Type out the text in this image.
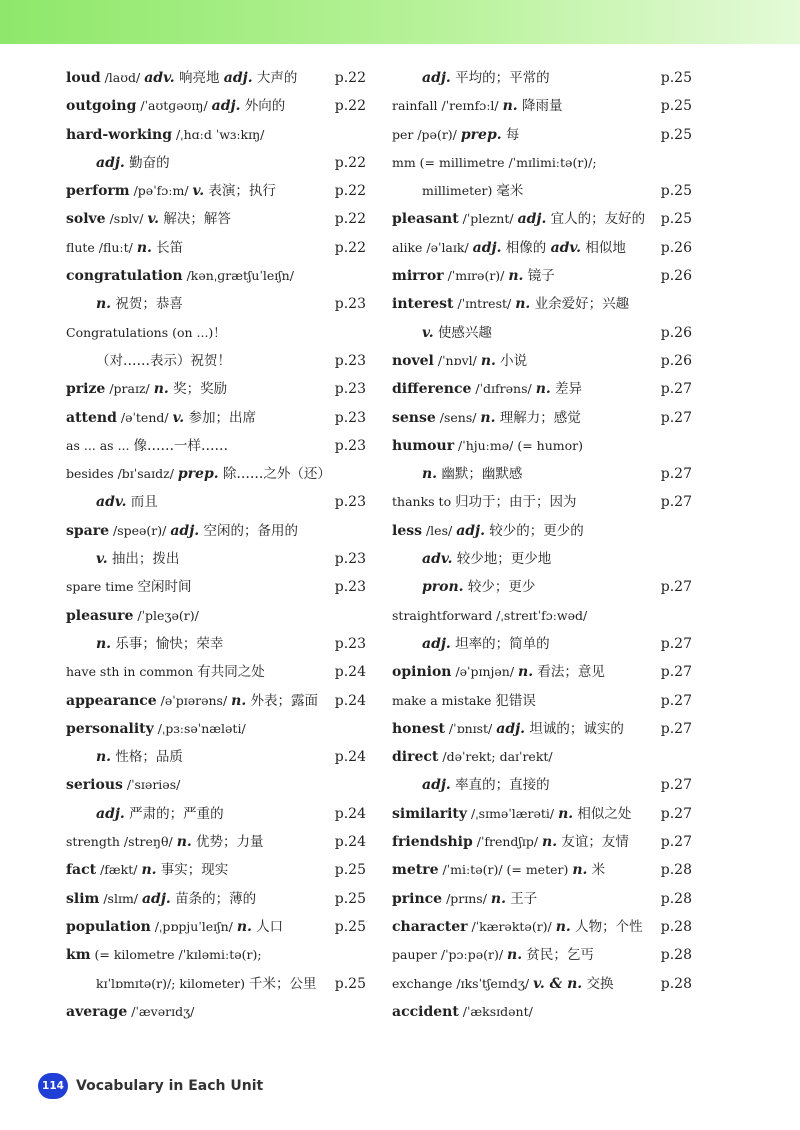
loud /laʊd/ adv. 响亮地 adj. 大声的	p.22
outgoing /ˈaʊtɡəʊɪŋ/ adj. 外向的	p.22
hard-working /ˌhɑːd ˈwɜːkɪŋ/
adj. 勤奋的	p.22
perform /pəˈfɔːm/ v. 表演；执行	p.22
solve /sɒlv/ v. 解决；解答	p.22
flute /fluːt/ n. 长笛	p.22
congratulation /kənˌɡrætʃuˈleɪʃn/
n. 祝贺；恭喜	p.23
Congratulations (on ...)！
（对……表示）祝贺！	p.23
prize /praɪz/ n. 奖；奖励	p.23
attend /əˈtend/ v. 参加；出席	p.23
as ... as ... 像……一样……	p.23
besides /bɪˈsaɪdz/ prep. 除……之外（还）
adv. 而且	p.23
spare /speə(r)/ adj. 空闲的；备用的
v. 抽出；拨出	p.23
spare time 空闲时间	p.23
pleasure /ˈpleʒə(r)/
n. 乐事；愉快；荣幸	p.23
have sth in common 有共同之处	p.24
appearance /əˈpɪərəns/ n. 外表；露面 p.24
personality /ˌpɜːsəˈnæləti/
n. 性格；品质	p.24
serious /ˈsɪəriəs/
adj. 严肃的；严重的	p.24
strength /streŋθ/ n. 优势；力量	p.24
fact /fækt/ n. 事实；现实	p.25
slim /slɪm/ adj. 苗条的；薄的	p.25
population /ˌpɒpjuˈleɪʃn/ n. 人口	p.25
km (= kilometre /ˈkɪləmiːtə(r);
kɪˈlɒmɪtə(r)/; kilometer) 千米；公里 p.25
average /ˈævərɪdʒ/
adj. 平均的；平常的	p.25
rainfall /ˈreɪnfɔːl/ n. 降雨量	p.25
per /pə(r)/ prep. 每	p.25
mm (= millimetre /ˈmɪlimiːtə(r)/;
millimeter) 毫米	p.25
pleasant /ˈpleznt/ adj. 宜人的；友好的 p.25
alike /əˈlaɪk/ adj. 相像的 adv. 相似地 p.26
mirror /ˈmɪrə(r)/ n. 镜子	p.26
interest /ˈɪntrest/ n. 业余爱好；兴趣
v. 使感兴趣	p.26
novel /ˈnɒvl/ n. 小说	p.26
difference /ˈdɪfrəns/ n. 差异	p.27
sense /sens/ n. 理解力；感觉	p.27
humour /ˈhjuːmə/ (= humor)
n. 幽默；幽默感	p.27
thanks to 归功于；由于；因为	p.27
less /les/ adj. 较少的；更少的
adv. 较少地；更少地
pron. 较少；更少	p.27
straightforward /ˌstreɪtˈfɔːwəd/
adj. 坦率的；简单的	p.27
opinion /əˈpɪnjən/ n. 看法；意见	p.27
make a mistake 犯错误	p.27
honest /ˈɒnɪst/ adj. 坦诚的；诚实的	p.27
direct /dəˈrekt; daɪˈrekt/
adj. 率直的；直接的	p.27
similarity /ˌsɪməˈlærəti/ n. 相似之处 p.27
friendship /ˈfrendʃɪp/ n. 友谊；友情 p.27
metre /ˈmiːtə(r)/ (= meter) n. 米	p.28
prince /prɪns/ n. 王子	p.28
character /ˈkærəktə(r)/ n. 人物；个性 p.28
pauper /ˈpɔːpə(r)/ n. 贫民；乞丐	p.28
exchange /ɪksˈtʃeɪndʒ/ v. & n. 交换	p.28
accident /ˈæksɪdənt/
114 Vocabulary in Each Unit
